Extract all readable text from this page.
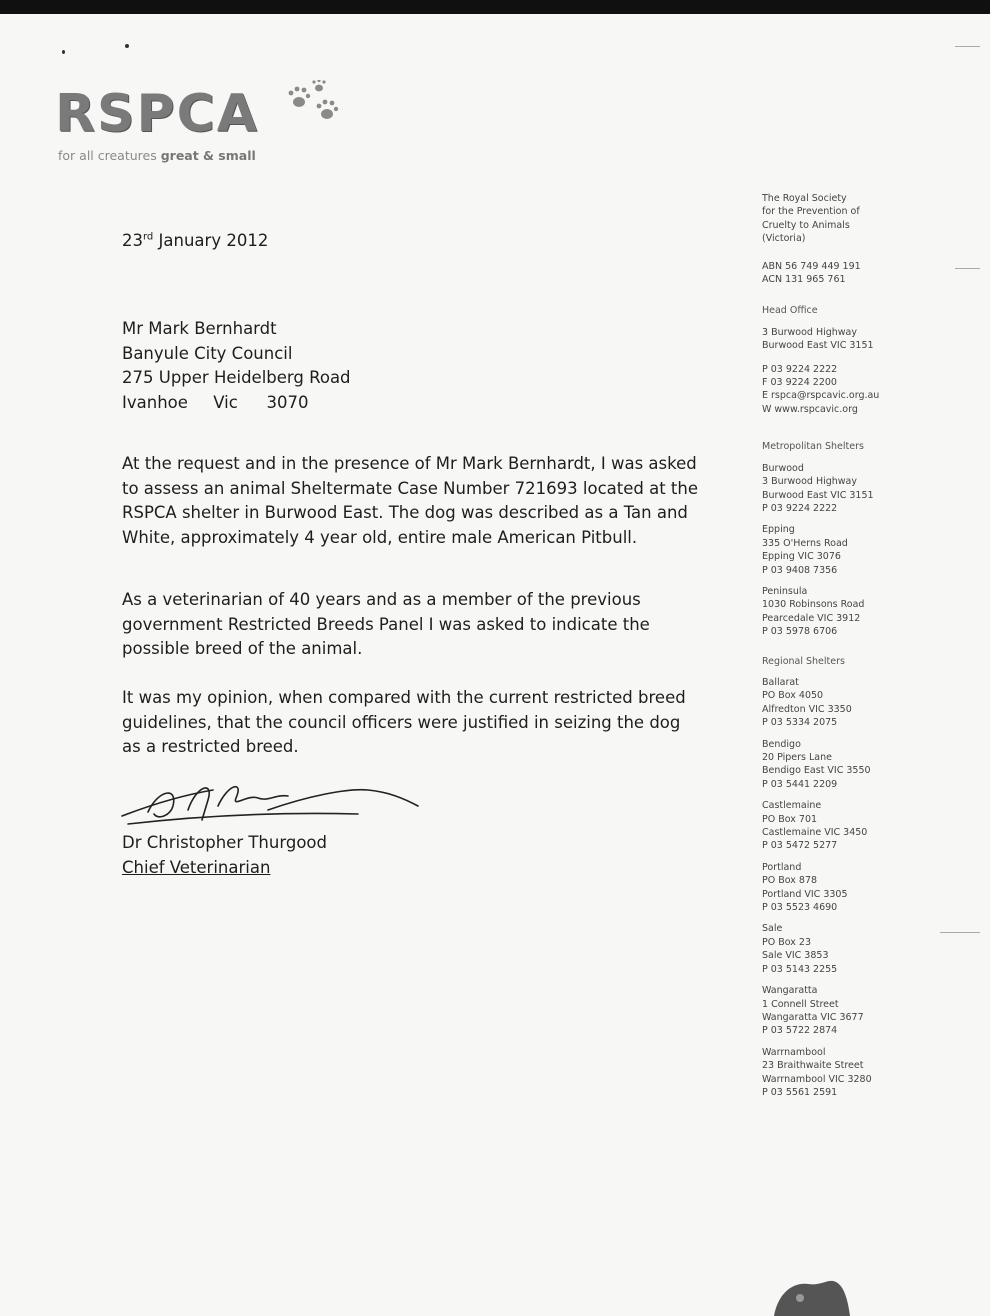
RSPCA
for all creatures great & small
23rd January 2012
Mr Mark Bernhardt
Banyule City Council
275 Upper Heidelberg Road
Ivanhoe Vic 3070
At the request and in the presence of Mr Mark Bernhardt, I was asked to assess an animal Sheltermate Case Number 721693 located at the RSPCA shelter in Burwood East. The dog was described as a Tan and White, approximately 4 year old, entire male American Pitbull.
As a veterinarian of 40 years and as a member of the previous government Restricted Breeds Panel I was asked to indicate the possible breed of the animal.
It was my opinion, when compared with the current restricted breed guidelines, that the council officers were justified in seizing the dog as a restricted breed.
Dr Christopher Thurgood
Chief Veterinarian
The Royal Society
for the Prevention of
Cruelty to Animals
(Victoria)
ABN 56 749 449 191
ACN 131 965 761
Head Office
3 Burwood Highway
Burwood East VIC 3151
P 03 9224 2222
F 03 9224 2200
E rspca@rspcavic.org.au
W www.rspcavic.org
Metropolitan Shelters
Burwood
3 Burwood Highway
Burwood East VIC 3151
P 03 9224 2222
Epping
335 O'Herns Road
Epping VIC 3076
P 03 9408 7356
Peninsula
1030 Robinsons Road
Pearcedale VIC 3912
P 03 5978 6706
Regional Shelters
Ballarat
PO Box 4050
Alfredton VIC 3350
P 03 5334 2075
Bendigo
20 Pipers Lane
Bendigo East VIC 3550
P 03 5441 2209
Castlemaine
PO Box 701
Castlemaine VIC 3450
P 03 5472 5277
Portland
PO Box 878
Portland VIC 3305
P 03 5523 4690
Sale
PO Box 23
Sale VIC 3853
P 03 5143 2255
Wangaratta
1 Connell Street
Wangaratta VIC 3677
P 03 5722 2874
Warrnambool
23 Braithwaite Street
Warrnambool VIC 3280
P 03 5561 2591
